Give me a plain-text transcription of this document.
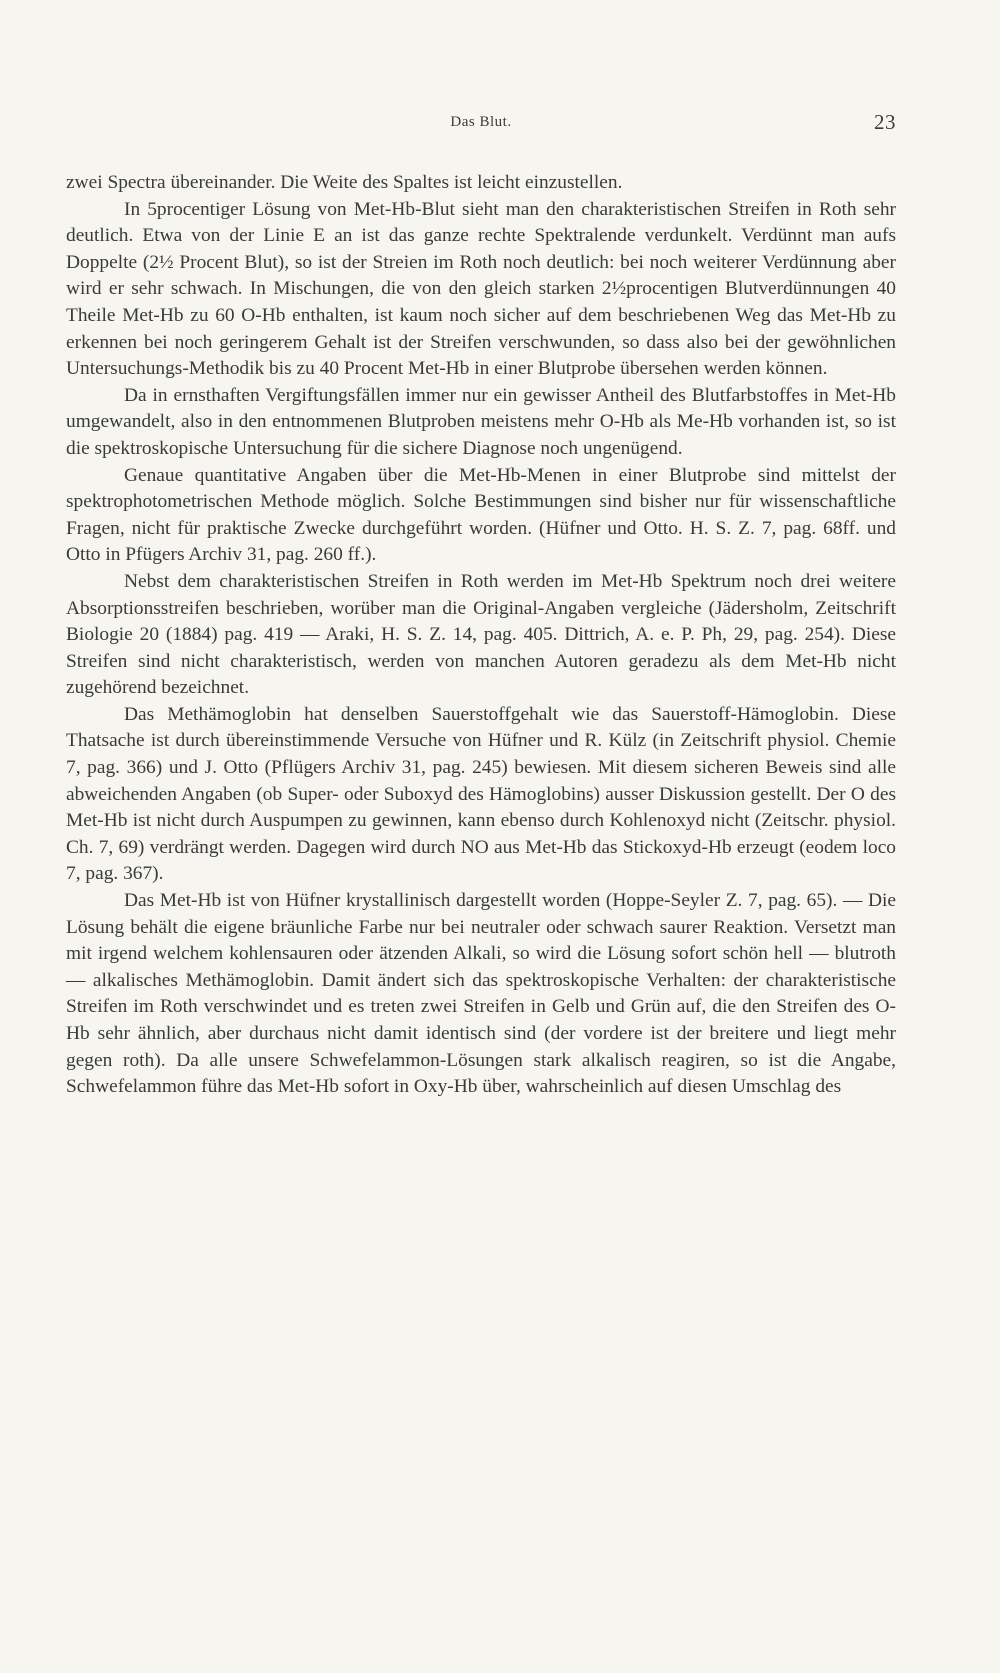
Das Blut.	23

zwei Spectra übereinander. Die Weite des Spaltes ist leicht einzustellen.

In 5procentiger Lösung von Met-Hb-Blut sieht man den charakteristischen Streifen in Roth sehr deutlich. Etwa von der Linie E an ist das ganze rechte Spektralende verdunkelt. Verdünnt man aufs Doppelte (2½ Procent Blut), so ist der Streien im Roth noch deutlich: bei noch weiterer Verdünnung aber wird er sehr schwach. In Mischungen, die von den gleich starken 2½procentigen Blutverdünnungen 40 Theile Met-Hb zu 60 O-Hb enthalten, ist kaum noch sicher auf dem beschriebenen Weg das Met-Hb zu erkennen bei noch geringerem Gehalt ist der Streifen verschwunden, so dass also bei der gewöhnlichen Untersuchungs-Methodik bis zu 40 Procent Met-Hb in einer Blutprobe übersehen werden können.

Da in ernsthaften Vergiftungsfällen immer nur ein gewisser Antheil des Blutfarbstoffes in Met-Hb umgewandelt, also in den entnommenen Blutproben meistens mehr O-Hb als Me-Hb vorhanden ist, so ist die spektroskopische Untersuchung für die sichere Diagnose noch ungenügend.

Genaue quantitative Angaben über die Met-Hb-Menen in einer Blutprobe sind mittelst der spektrophotometrischen Methode möglich. Solche Bestimmungen sind bisher nur für wissenschaftliche Fragen, nicht für praktische Zwecke durchgeführt worden. (Hüfner und Otto. H. S. Z. 7, pag. 68ff. und Otto in Pfügers Archiv 31, pag. 260 ff.).

Nebst dem charakteristischen Streifen in Roth werden im Met-Hb Spektrum noch drei weitere Absorptionsstreifen beschrieben, worüber man die Original-Angaben vergleiche (Jädersholm, Zeitschrift Biologie 20 (1884) pag. 419 — Araki, H. S. Z. 14, pag. 405. Dittrich, A. e. P. Ph, 29, pag. 254). Diese Streifen sind nicht charakteristisch, werden von manchen Autoren geradezu als dem Met-Hb nicht zugehörend bezeichnet.

Das Methämoglobin hat denselben Sauerstoffgehalt wie das Sauerstoff-Hämoglobin. Diese Thatsache ist durch übereinstimmende Versuche von Hüfner und R. Külz (in Zeitschrift physiol. Chemie 7, pag. 366) und J. Otto (Pflügers Archiv 31, pag. 245) bewiesen. Mit diesem sicheren Beweis sind alle abweichenden Angaben (ob Super- oder Suboxyd des Hämoglobins) ausser Diskussion gestellt. Der O des Met-Hb ist nicht durch Auspumpen zu gewinnen, kann ebenso durch Kohlenoxyd nicht (Zeitschr. physiol. Ch. 7, 69) verdrängt werden. Dagegen wird durch NO aus Met-Hb das Stickoxyd-Hb erzeugt (eodem loco 7, pag. 367).

Das Met-Hb ist von Hüfner krystallinisch dargestellt worden (Hoppe-Seyler Z. 7, pag. 65). — Die Lösung behält die eigene bräunliche Farbe nur bei neutraler oder schwach saurer Reaktion. Versetzt man mit irgend welchem kohlensauren oder ätzenden Alkali, so wird die Lösung sofort schön hell — blutroth — alkalisches Methämoglobin. Damit ändert sich das spektroskopische Verhalten: der charakteristische Streifen im Roth verschwindet und es treten zwei Streifen in Gelb und Grün auf, die den Streifen des O-Hb sehr ähnlich, aber durchaus nicht damit identisch sind (der vordere ist der breitere und liegt mehr gegen roth). Da alle unsere Schwefelammon-Lösungen stark alkalisch reagiren, so ist die Angabe, Schwefelammon führe das Met-Hb sofort in Oxy-Hb über, wahrscheinlich auf diesen Umschlag des
